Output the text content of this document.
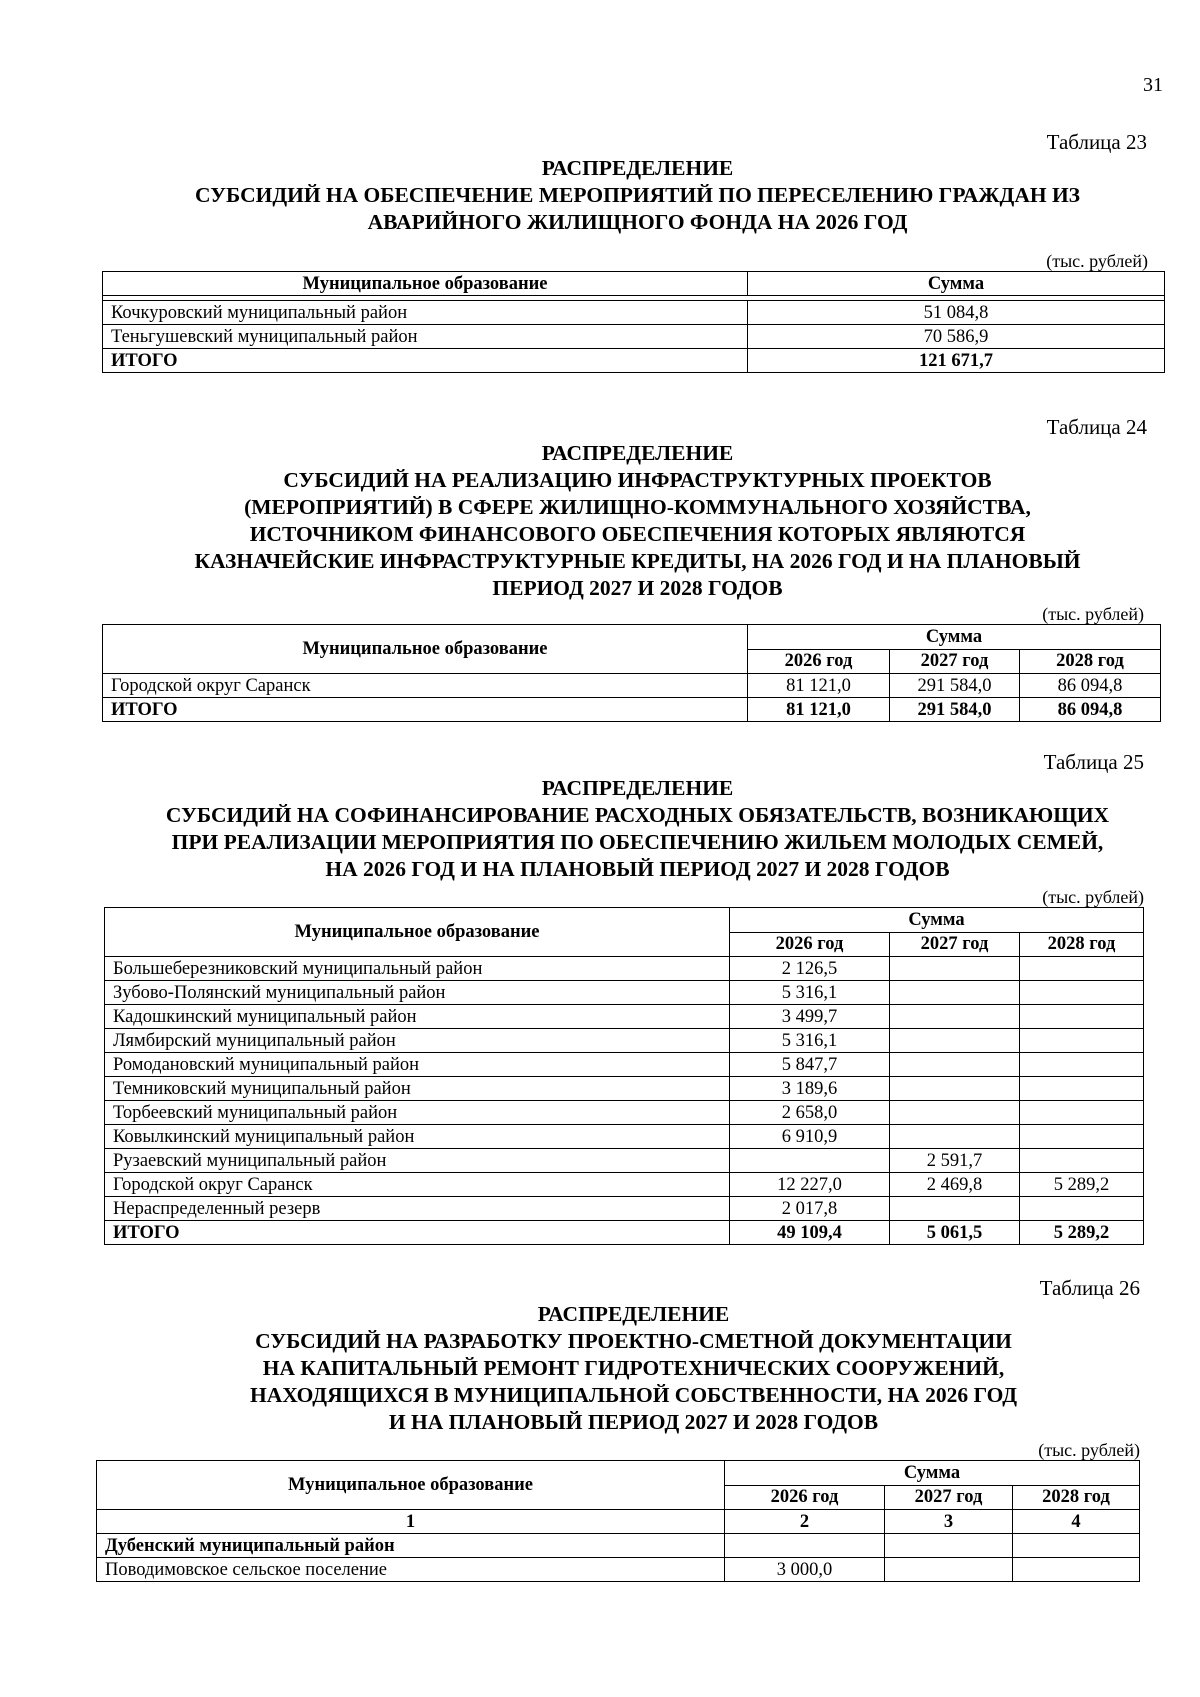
31
Таблица 23
РАСПРЕДЕЛЕНИЕ
СУБСИДИЙ НА ОБЕСПЕЧЕНИЕ МЕРОПРИЯТИЙ ПО ПЕРЕСЕЛЕНИЮ ГРАЖДАН ИЗ
АВАРИЙНОГО ЖИЛИЩНОГО ФОНДА НА 2026 ГОД
(тыс. рублей)
Муниципальное образование	Сумма

Кочкуровский муниципальный район	51 084,8
Теньгушевский муниципальный район	70 586,9
ИТОГО	121 671,7
Таблица 24
РАСПРЕДЕЛЕНИЕ
СУБСИДИЙ НА РЕАЛИЗАЦИЮ ИНФРАСТРУКТУРНЫХ ПРОЕКТОВ
(МЕРОПРИЯТИЙ) В СФЕРЕ ЖИЛИЩНО-КОММУНАЛЬНОГО ХОЗЯЙСТВА,
ИСТОЧНИКОМ ФИНАНСОВОГО ОБЕСПЕЧЕНИЯ КОТОРЫХ ЯВЛЯЮТСЯ
КАЗНАЧЕЙСКИЕ ИНФРАСТРУКТУРНЫЕ КРЕДИТЫ, НА 2026 ГОД И НА ПЛАНОВЫЙ
ПЕРИОД 2027 И 2028 ГОДОВ
(тыс. рублей)
Муниципальное образование	Сумма		
	2026 год	2027 год	2028 год
Городской округ Саранск	81 121,0	291 584,0	86 094,8
ИТОГО	81 121,0	291 584,0	86 094,8
Таблица 25
РАСПРЕДЕЛЕНИЕ
СУБСИДИЙ НА СОФИНАНСИРОВАНИЕ РАСХОДНЫХ ОБЯЗАТЕЛЬСТВ, ВОЗНИКАЮЩИХ
ПРИ РЕАЛИЗАЦИИ МЕРОПРИЯТИЯ ПО ОБЕСПЕЧЕНИЮ ЖИЛЬЕМ МОЛОДЫХ СЕМЕЙ,
НА 2026 ГОД И НА ПЛАНОВЫЙ ПЕРИОД 2027 И 2028 ГОДОВ
(тыс. рублей)
Муниципальное образование	Сумма		
	2026 год	2027 год	2028 год
Большеберезниковский муниципальный район	2 126,5		
Зубово-Полянский муниципальный район	5 316,1		
Кадошкинский муниципальный район	3 499,7		
Лямбирский муниципальный район	5 316,1		
Ромодановский муниципальный район	5 847,7		
Темниковский муниципальный район	3 189,6		
Торбеевский муниципальный район	2 658,0		
Ковылкинский муниципальный район	6 910,9		
Рузаевский муниципальный район		2 591,7	
Городской округ Саранск	12 227,0	2 469,8	5 289,2
Нераспределенный резерв	2 017,8		
ИТОГО	49 109,4	5 061,5	5 289,2
Таблица 26
РАСПРЕДЕЛЕНИЕ
СУБСИДИЙ НА РАЗРАБОТКУ ПРОЕКТНО-СМЕТНОЙ ДОКУМЕНТАЦИИ
НА КАПИТАЛЬНЫЙ РЕМОНТ ГИДРОТЕХНИЧЕСКИХ СООРУЖЕНИЙ,
НАХОДЯЩИХСЯ В МУНИЦИПАЛЬНОЙ СОБСТВЕННОСТИ, НА 2026 ГОД
И НА ПЛАНОВЫЙ ПЕРИОД 2027 И 2028 ГОДОВ
(тыс. рублей)
Муниципальное образование	Сумма		
	2026 год	2027 год	2028 год
1	2	3	4
Дубенский муниципальный район			
Поводимовское сельское поселение	3 000,0		
